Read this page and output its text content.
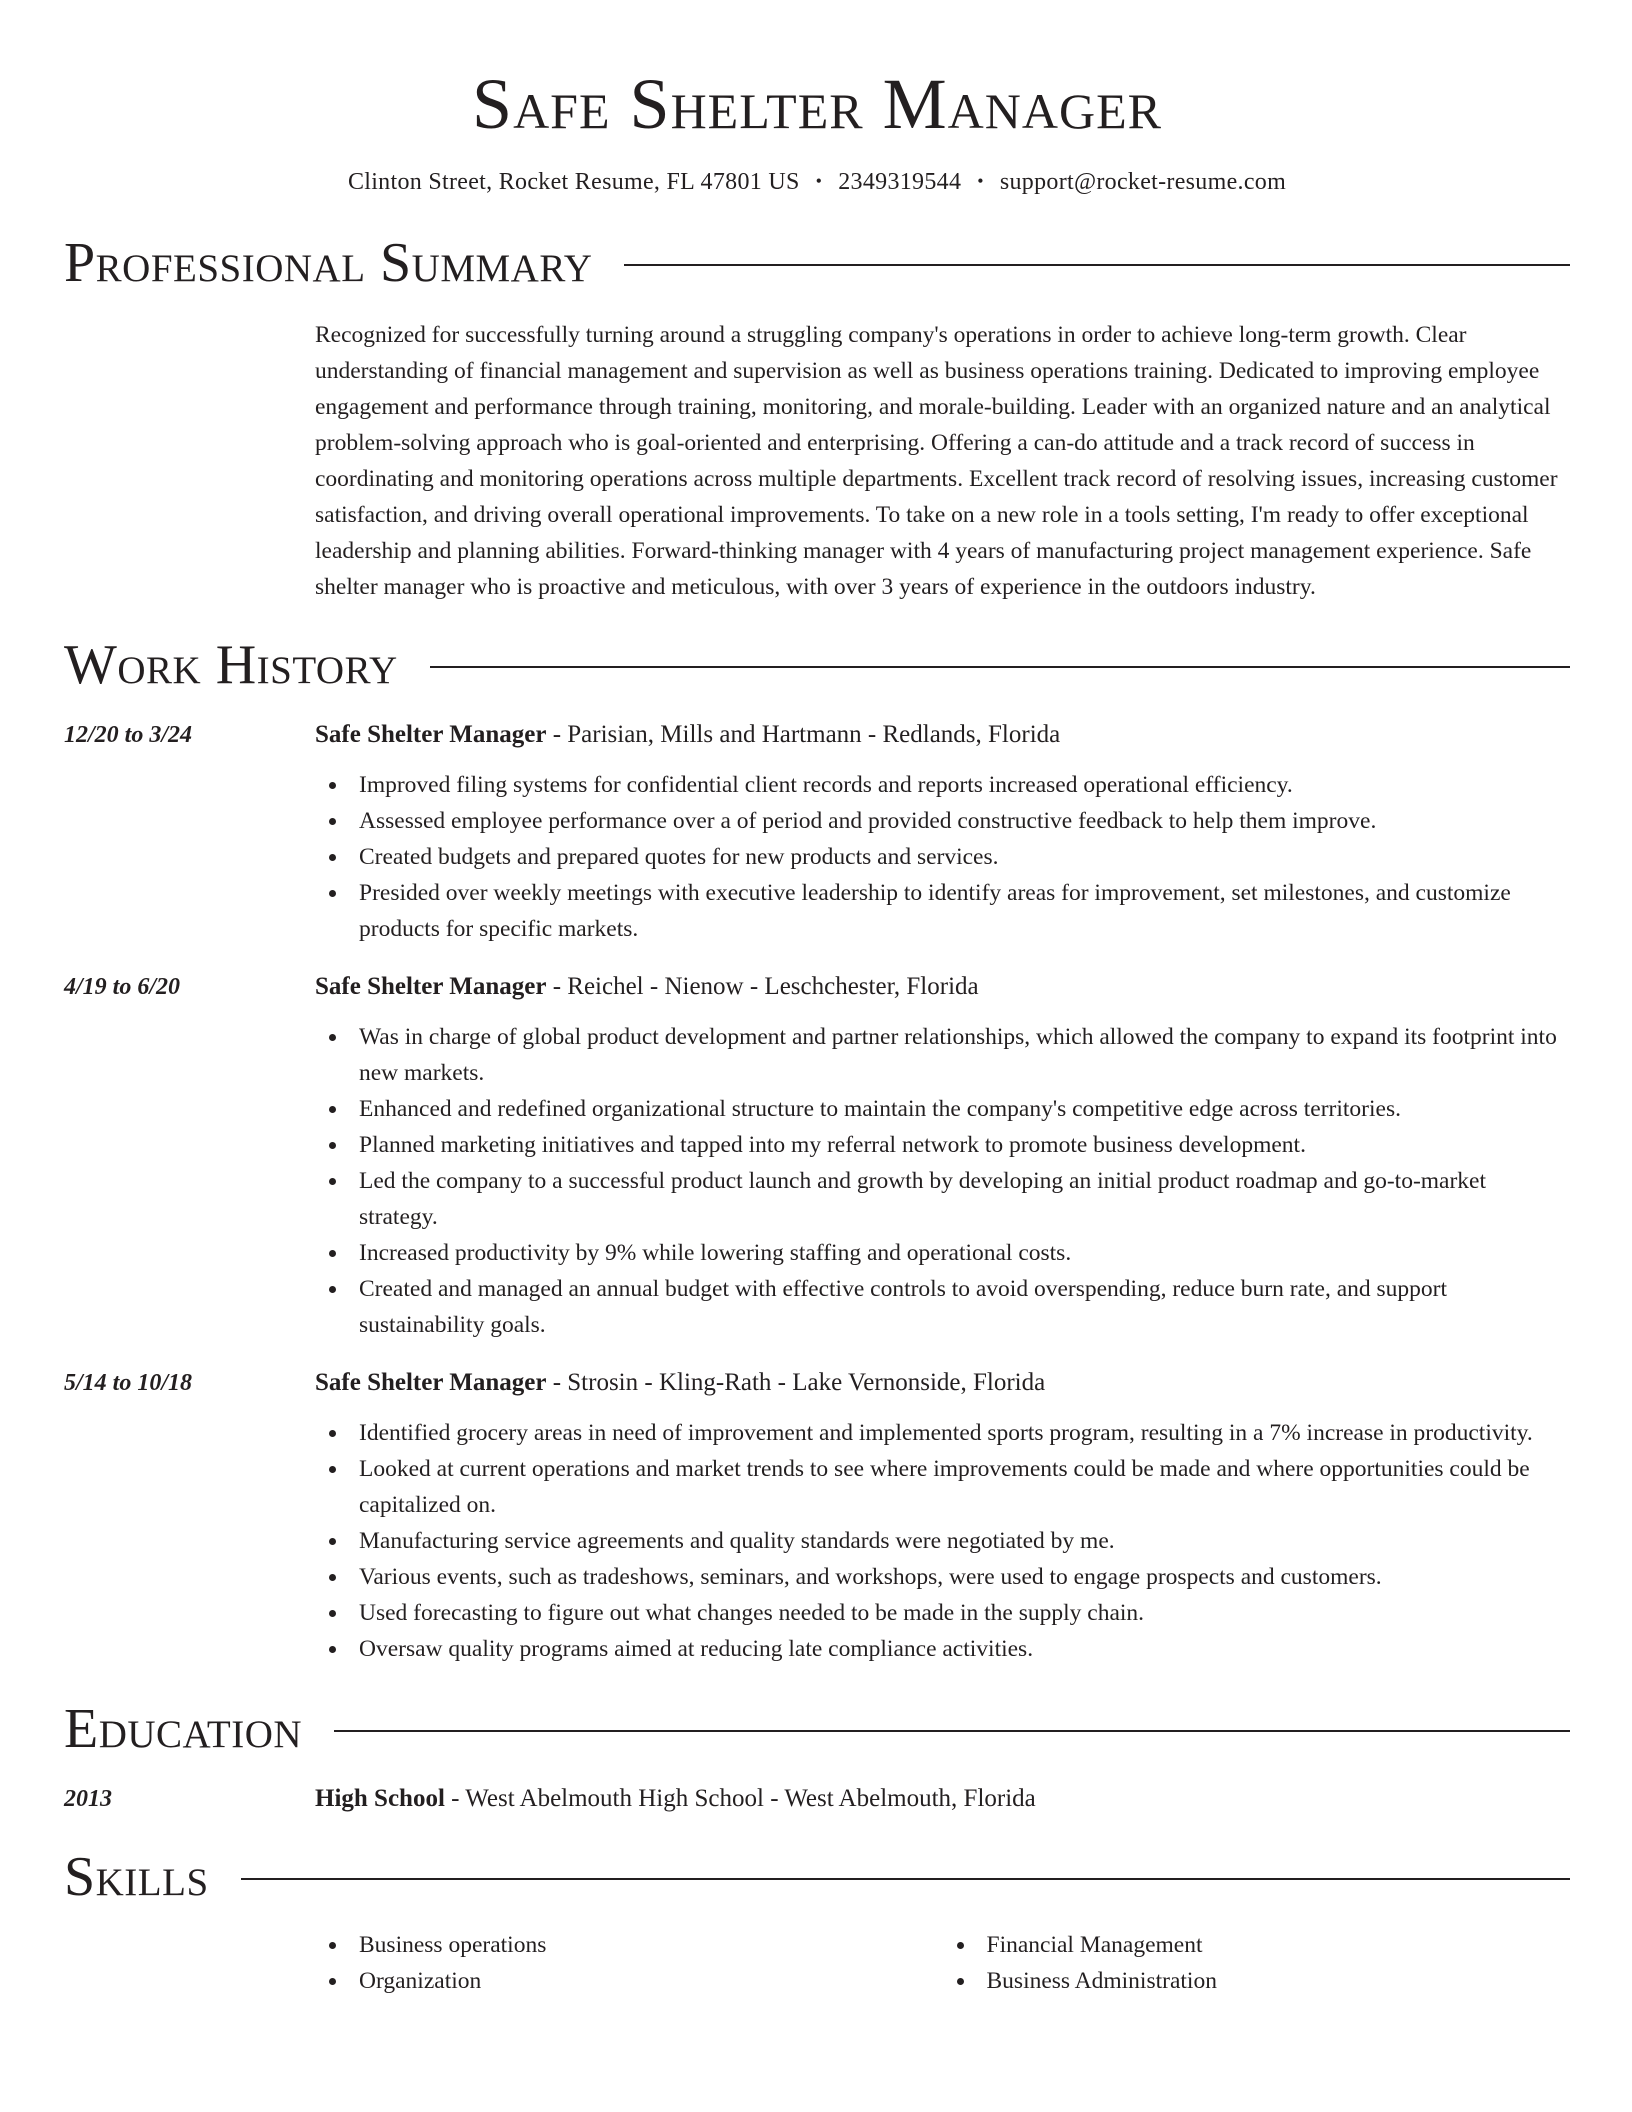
Safe Shelter Manager
Clinton Street, Rocket Resume, FL 47801 US • 2349319544 • support@rocket-resume.com
Professional Summary
Recognized for successfully turning around a struggling company's operations in order to achieve long-term growth. Clear understanding of financial management and supervision as well as business operations training. Dedicated to improving employee engagement and performance through training, monitoring, and morale-building. Leader with an organized nature and an analytical problem-solving approach who is goal-oriented and enterprising. Offering a can-do attitude and a track record of success in coordinating and monitoring operations across multiple departments. Excellent track record of resolving issues, increasing customer satisfaction, and driving overall operational improvements. To take on a new role in a tools setting, I'm ready to offer exceptional leadership and planning abilities. Forward-thinking manager with 4 years of manufacturing project management experience. Safe shelter manager who is proactive and meticulous, with over 3 years of experience in the outdoors industry.
Work History
12/20 to 3/24	Safe Shelter Manager - Parisian, Mills and Hartmann - Redlands, Florida
Improved filing systems for confidential client records and reports increased operational efficiency.
Assessed employee performance over a of period and provided constructive feedback to help them improve.
Created budgets and prepared quotes for new products and services.
Presided over weekly meetings with executive leadership to identify areas for improvement, set milestones, and customize products for specific markets.
4/19 to 6/20	Safe Shelter Manager - Reichel - Nienow - Leschchester, Florida
Was in charge of global product development and partner relationships, which allowed the company to expand its footprint into new markets.
Enhanced and redefined organizational structure to maintain the company's competitive edge across territories.
Planned marketing initiatives and tapped into my referral network to promote business development.
Led the company to a successful product launch and growth by developing an initial product roadmap and go-to-market strategy.
Increased productivity by 9% while lowering staffing and operational costs.
Created and managed an annual budget with effective controls to avoid overspending, reduce burn rate, and support sustainability goals.
5/14 to 10/18	Safe Shelter Manager - Strosin - Kling-Rath - Lake Vernonside, Florida
Identified grocery areas in need of improvement and implemented sports program, resulting in a 7% increase in productivity.
Looked at current operations and market trends to see where improvements could be made and where opportunities could be capitalized on.
Manufacturing service agreements and quality standards were negotiated by me.
Various events, such as tradeshows, seminars, and workshops, were used to engage prospects and customers.
Used forecasting to figure out what changes needed to be made in the supply chain.
Oversaw quality programs aimed at reducing late compliance activities.
Education
2013	High School - West Abelmouth High School - West Abelmouth, Florida
Skills
Business operations
Organization
Financial Management
Business Administration
